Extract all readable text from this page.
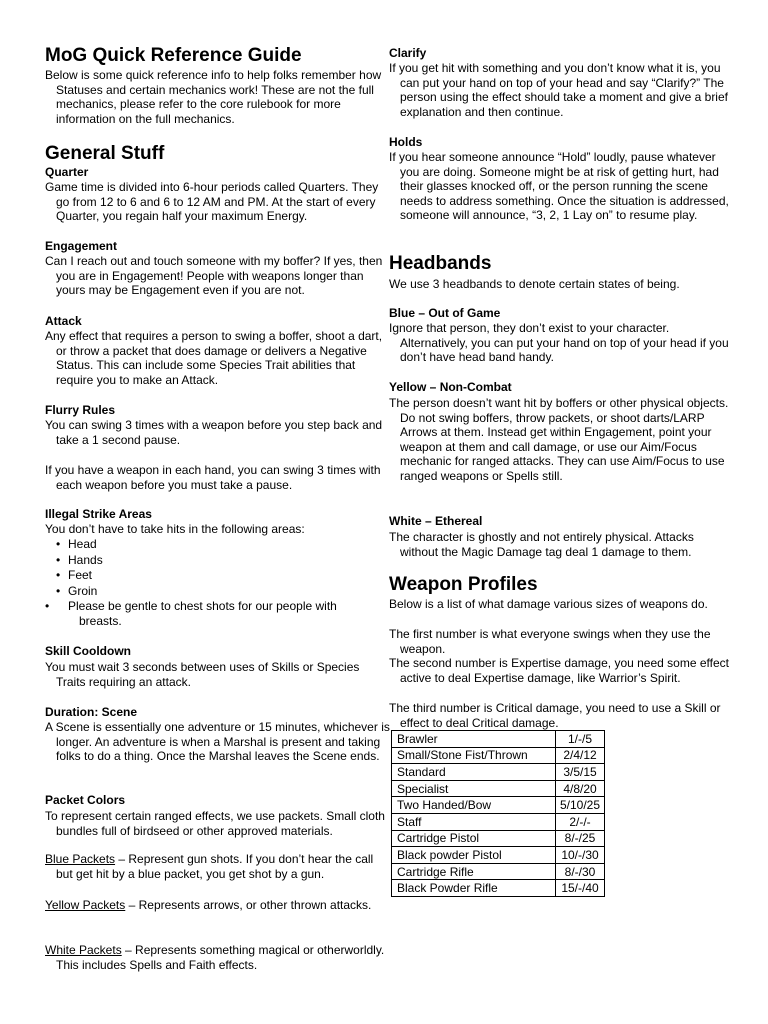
MoG Quick Reference Guide

Below is some quick reference info to help folks remember how Statuses and certain mechanics work! These are not the full mechanics, please refer to the core rulebook for more information on the full mechanics.

General Stuff
Quarter

Game time is divided into 6-hour periods called Quarters. They go from 12 to 6 and 6 to 12 AM and PM. At the start of every Quarter, you regain half your maximum Energy.

Engagement

Can I reach out and touch someone with my boffer? If yes, then you are in Engagement! People with weapons longer than yours may be Engagement even if you are not.

Attack

Any effect that requires a person to swing a boffer, shoot a dart, or throw a packet that does damage or delivers a Negative Status. This can include some Species Trait abilities that require you to make an Attack.

Flurry Rules

You can swing 3 times with a weapon before you step back and take a 1 second pause.

If you have a weapon in each hand, you can swing 3 times with each weapon before you must take a pause.

Illegal Strike Areas

You don’t have to take hits in the following areas:

• Head
• Hands
• Feet
• Groin
• Please be gentle to chest shots for our people with breasts.
Skill Cooldown

You must wait 3 seconds between uses of Skills or Species Traits requiring an attack.

Duration: Scene

A Scene is essentially one adventure or 15 minutes, whichever is longer. An adventure is when a Marshal is present and taking folks to do a thing. Once the Marshal leaves the Scene ends.

Packet Colors

To represent certain ranged effects, we use packets. Small cloth bundles full of birdseed or other approved materials.

Blue Packets – Represent gun shots. If you don’t hear the call but get hit by a blue packet, you get shot by a gun.

Yellow Packets – Represents arrows, or other thrown attacks.

White Packets – Represents something magical or otherworldly. This includes Spells and Faith effects.

Clarify

If you get hit with something and you don’t know what it is, you can put your hand on top of your head and say “Clarify?” The person using the effect should take a moment and give a brief explanation and then continue.

Holds

If you hear someone announce “Hold” loudly, pause whatever you are doing. Someone might be at risk of getting hurt, had their glasses knocked off, or the person running the scene needs to address something. Once the situation is addressed, someone will announce, “3, 2, 1 Lay on” to resume play.

Headbands

We use 3 headbands to denote certain states of being.

Blue – Out of Game

Ignore that person, they don’t exist to your character. Alternatively, you can put your hand on top of your head if you don’t have head band handy.

Yellow – Non-Combat

The person doesn’t want hit by boffers or other physical objects. Do not swing boffers, throw packets, or shoot darts/LARP Arrows at them. Instead get within Engagement, point your weapon at them and call damage, or use our Aim/Focus mechanic for ranged attacks. They can use Aim/Focus to use ranged weapons or Spells still.

White – Ethereal

The character is ghostly and not entirely physical. Attacks without the Magic Damage tag deal 1 damage to them.

Weapon Profiles

Below is a list of what damage various sizes of weapons do.

The first number is what everyone swings when they use the weapon.

The second number is Expertise damage, you need some effect active to deal Expertise damage, like Warrior’s Spirit.

The third number is Critical damage, you need to use a Skill or effect to deal Critical damage.

Brawler	1/-/5
Small/Stone Fist/Thrown	2/4/12
Standard	3/5/15
Specialist	4/8/20
Two Handed/Bow	5/10/25
Staff	2/-/-
Cartridge Pistol	8/-/25
Black powder Pistol	10/-/30
Cartridge Rifle	8/-/30
Black Powder Rifle	15/-/40
